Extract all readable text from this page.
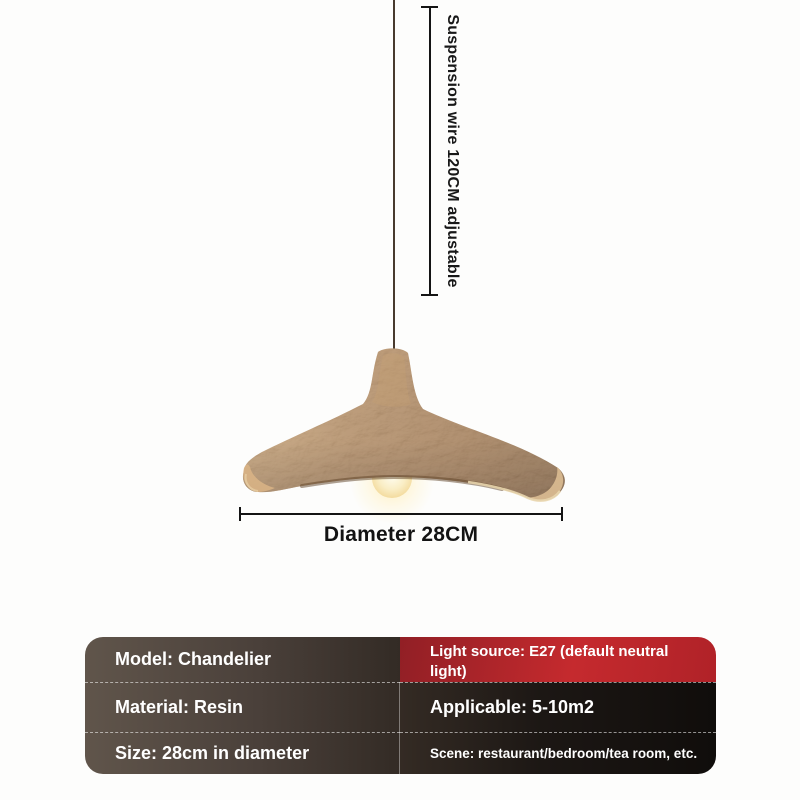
Suspension wire 120CM adjustable
Diameter 28CM
Model: Chandelier	Light source: E27 (default neutral light)
Material: Resin	Applicable: 5-10m2
Size: 28cm in diameter	Scene: restaurant/bedroom/tea room, etc.
